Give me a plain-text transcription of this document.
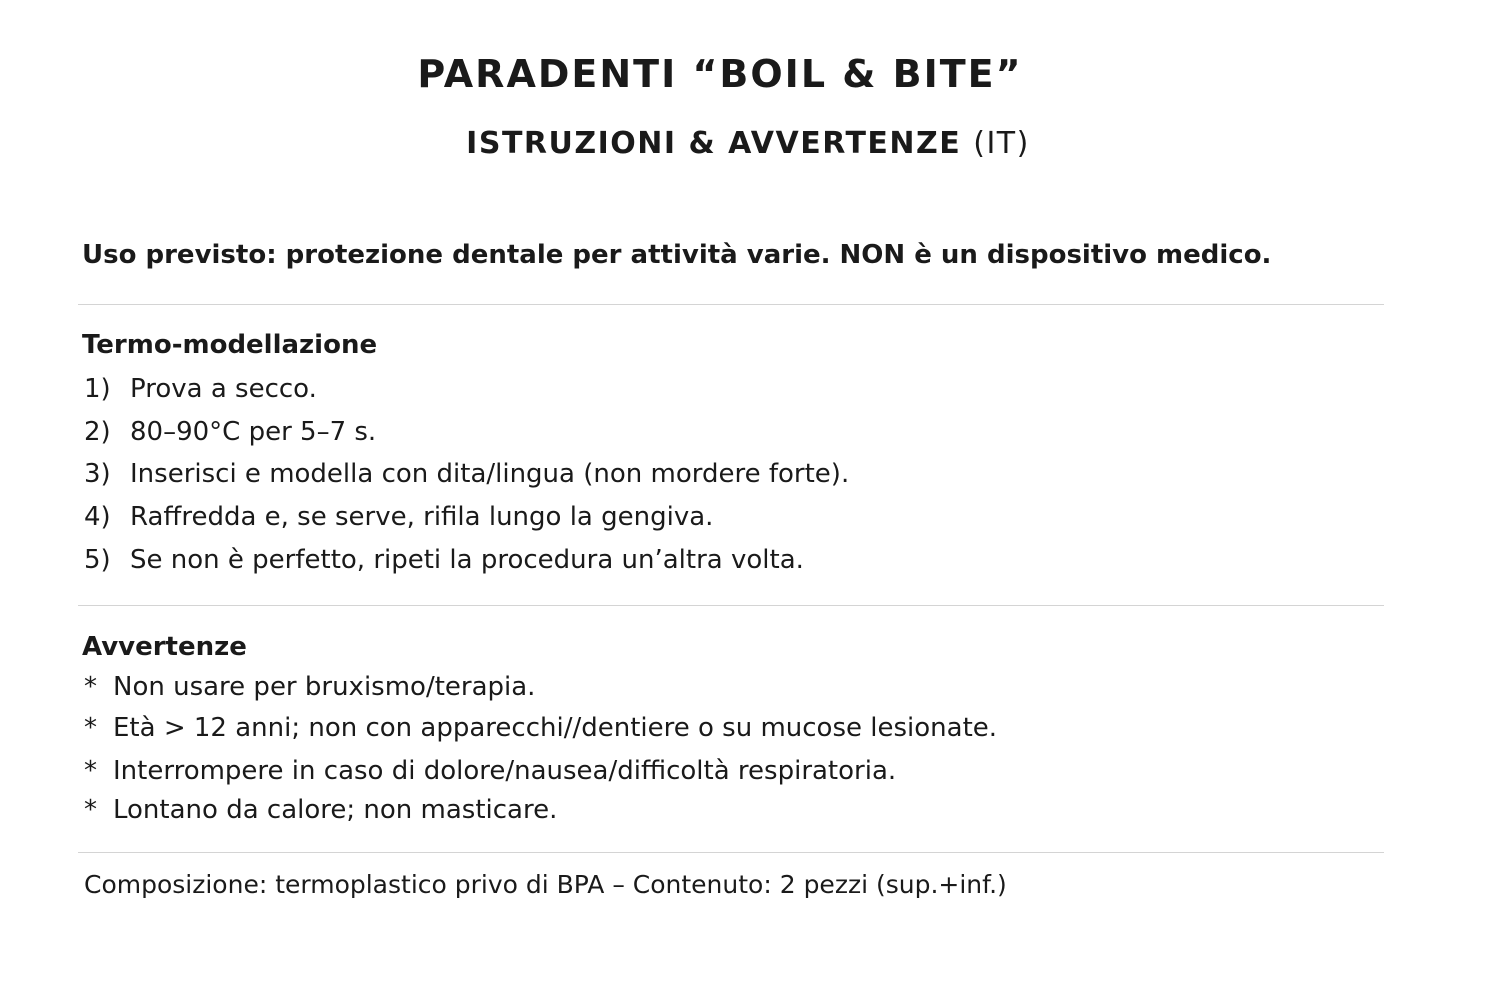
PARADENTI “BOIL & BITE”
ISTRUZIONI & AVVERTENZE (IT)

Uso previsto: protezione dentale per attività varie. NON è un dispositivo medico.

Termo-modellazione
1) Prova a secco.
2) 80–90°C per 5–7 s.
3) Inserisci e modella con dita/lingua (non mordere forte).
4) Raffredda e, se serve, rifila lungo la gengiva.
5) Se non è perfetto, ripeti la procedura un’altra volta.
Avvertenze
* Non usare per bruxismo/terapia.
* Età > 12 anni; non con apparecchi//dentiere o su mucose lesionate.
* Interrompere in caso di dolore/nausea/difficoltà respiratoria.
* Lontano da calore; non masticare.

Composizione: termoplastico privo di BPA – Contenuto: 2 pezzi (sup.+inf.)
